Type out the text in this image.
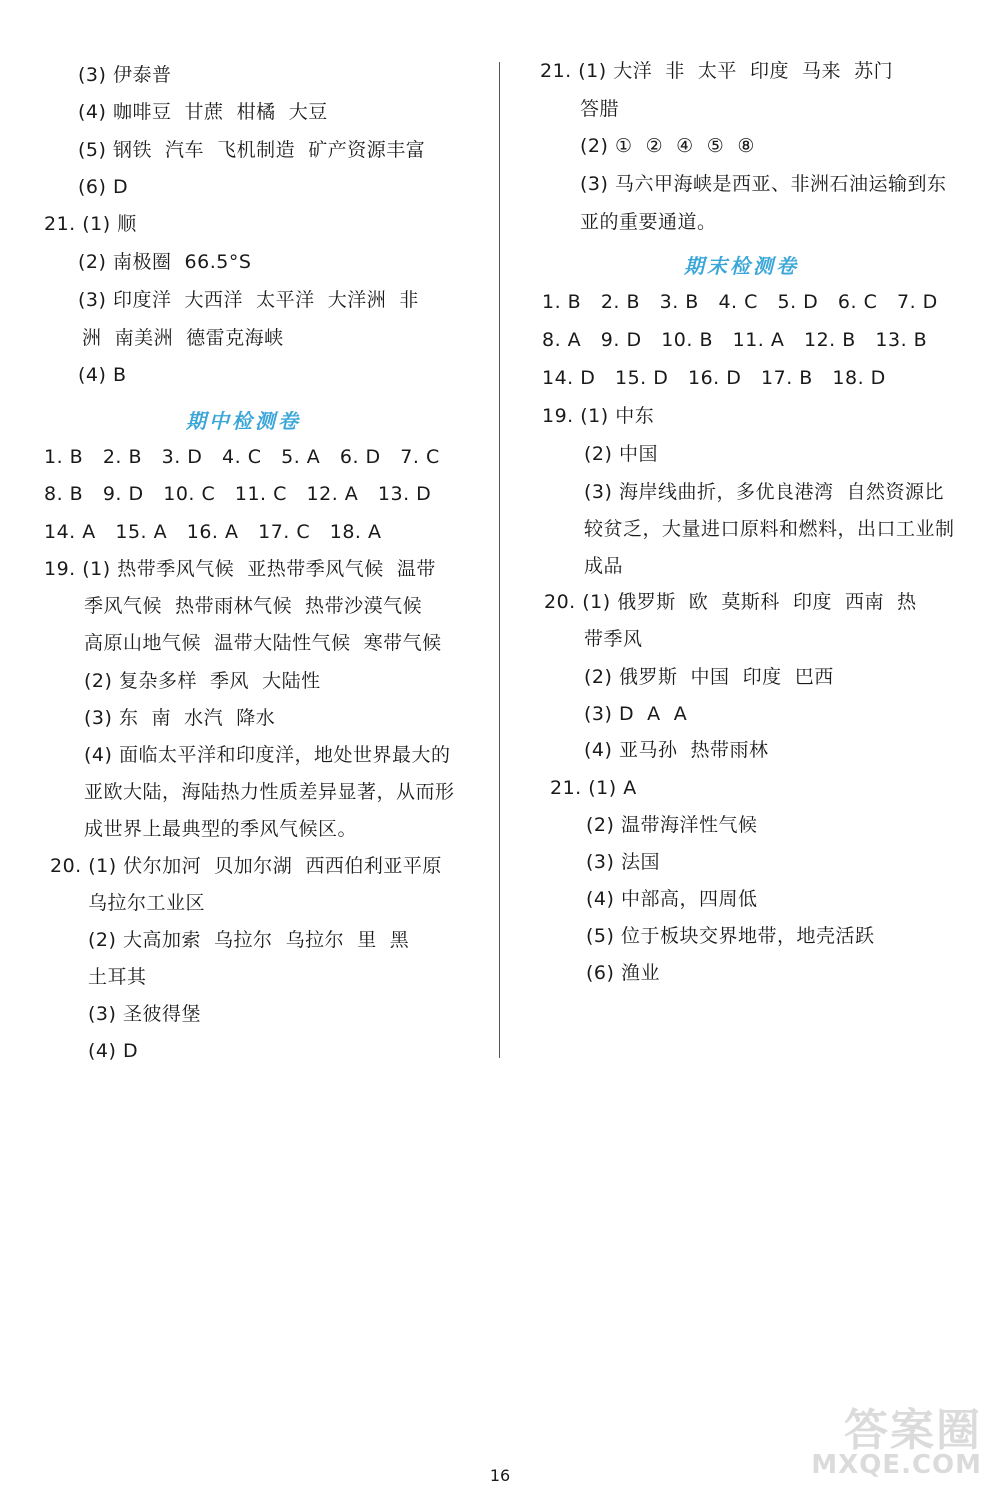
(3) 伊泰普
(4) 咖啡豆  甘蔗  柑橘  大豆
(5) 钢铁  汽车  飞机制造  矿产资源丰富
(6) D
21. (1) 顺
(2) 南极圈  66.5°S
(3) 印度洋  大西洋  太平洋  大洋洲  非
洲  南美洲  德雷克海峡
(4) B
期中检测卷
1. B   2. B   3. D   4. C   5. A   6. D   7. C
8. B   9. D   10. C   11. C   12. A   13. D
14. A   15. A   16. A   17. C   18. A
19. (1) 热带季风气候  亚热带季风气候  温带
季风气候  热带雨林气候  热带沙漠气候
高原山地气候  温带大陆性气候  寒带气候
(2) 复杂多样  季风  大陆性
(3) 东  南  水汽  降水
(4) 面临太平洋和印度洋，地处世界最大的
亚欧大陆，海陆热力性质差异显著，从而形
成世界上最典型的季风气候区。
20. (1) 伏尔加河  贝加尔湖  西西伯利亚平原
乌拉尔工业区
(2) 大高加索  乌拉尔  乌拉尔  里  黑
土耳其
(3) 圣彼得堡
(4) D
21. (1) 大洋  非  太平  印度  马来  苏门
答腊
(2) ①  ②  ④  ⑤  ⑧
(3) 马六甲海峡是西亚、非洲石油运输到东
亚的重要通道。
期末检测卷
1. B   2. B   3. B   4. C   5. D   6. C   7. D
8. A   9. D   10. B   11. A   12. B   13. B
14. D   15. D   16. D   17. B   18. D
19. (1) 中东
(2) 中国
(3) 海岸线曲折，多优良港湾  自然资源比
较贫乏，大量进口原料和燃料，出口工业制
成品
20. (1) 俄罗斯  欧  莫斯科  印度  西南  热
带季风
(2) 俄罗斯  中国  印度  巴西
(3) D  A  A
(4) 亚马孙  热带雨林
21. (1) A
(2) 温带海洋性气候
(3) 法国
(4) 中部高，四周低
(5) 位于板块交界地带，地壳活跃
(6) 渔业
16
答案圈
MXQE.COM
